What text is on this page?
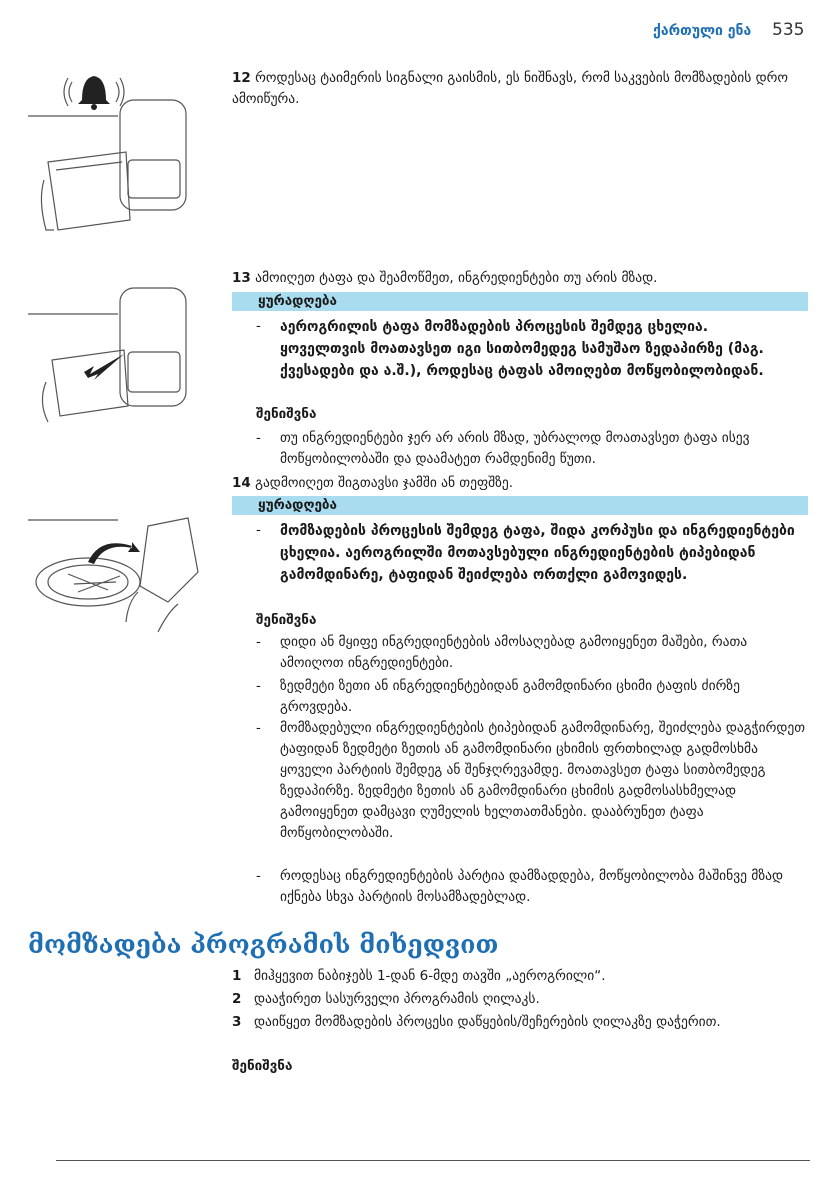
ქართული ენა 535
12 როდესაც ტაიმერის სიგნალი გაისმის, ეს ნიშნავს, რომ საკვების მომზადების დრო ამოიწურა.
13 ამოიღეთ ტაფა და შეამოწმეთ, ინგრედიენტები თუ არის მზად.
ყურადღება
-	აეროგრილის ტაფა მომზადების პროცესის შემდეგ ცხელია. ყოველთვის მოათავსეთ იგი სითბომედეგ სამუშაო ზედაპირზე (მაგ. ქვესადები და ა.შ.), როდესაც ტაფას ამოიღებთ მოწყობილობიდან.
შენიშვნა
-	თუ ინგრედიენტები ჯერ არ არის მზად, უბრალოდ მოათავსეთ ტაფა ისევ მოწყობილობაში და დაამატეთ რამდენიმე წუთი.
14 გადმოიღეთ შიგთავსი ჯამში ან თეფშზე.
ყურადღება
-	მომზადების პროცესის შემდეგ ტაფა, შიდა კორპუსი და ინგრედიენტები ცხელია. აეროგრილში მოთავსებული ინგრედიენტების ტიპებიდან გამომდინარე, ტაფიდან შეიძლება ორთქლი გამოვიდეს.
შენიშვნა
-	დიდი ან მყიფე ინგრედიენტების ამოსაღებად გამოიყენეთ მაშები, რათა ამოიღოთ ინგრედიენტები.
-	ზედმეტი ზეთი ან ინგრედიენტებიდან გამომდინარი ცხიმი ტაფის ძირზე გროვდება.
-	მომზადებული ინგრედიენტების ტიპებიდან გამომდინარე, შეიძლება დაგჭირდეთ ტაფიდან ზედმეტი ზეთის ან გამომდინარი ცხიმის ფრთხილად გადმოსხმა ყოველი პარტიის შემდეგ ან შენჯღრევამდე. მოათავსეთ ტაფა სითბომედეგ ზედაპირზე. ზედმეტი ზეთის ან გამომდინარი ცხიმის გადმოსასხმელად გამოიყენეთ დამცავი ღუმელის ხელთათმანები. დააბრუნეთ ტაფა მოწყობილობაში.
-	როდესაც ინგრედიენტების პარტია დამზადდება, მოწყობილობა მაშინვე მზად იქნება სხვა პარტიის მოსამზადებლად.
მომზადება პროგრამის მიხედვით
1 მიჰყევით ნაბიჯებს 1-დან 6-მდე თავში „აეროგრილი“.
2 დააჭირეთ სასურველი პროგრამის ღილაკს.
3 დაიწყეთ მომზადების პროცესი დაწყების/შეჩერების ღილაკზე დაჭერით.
შენიშვნა
